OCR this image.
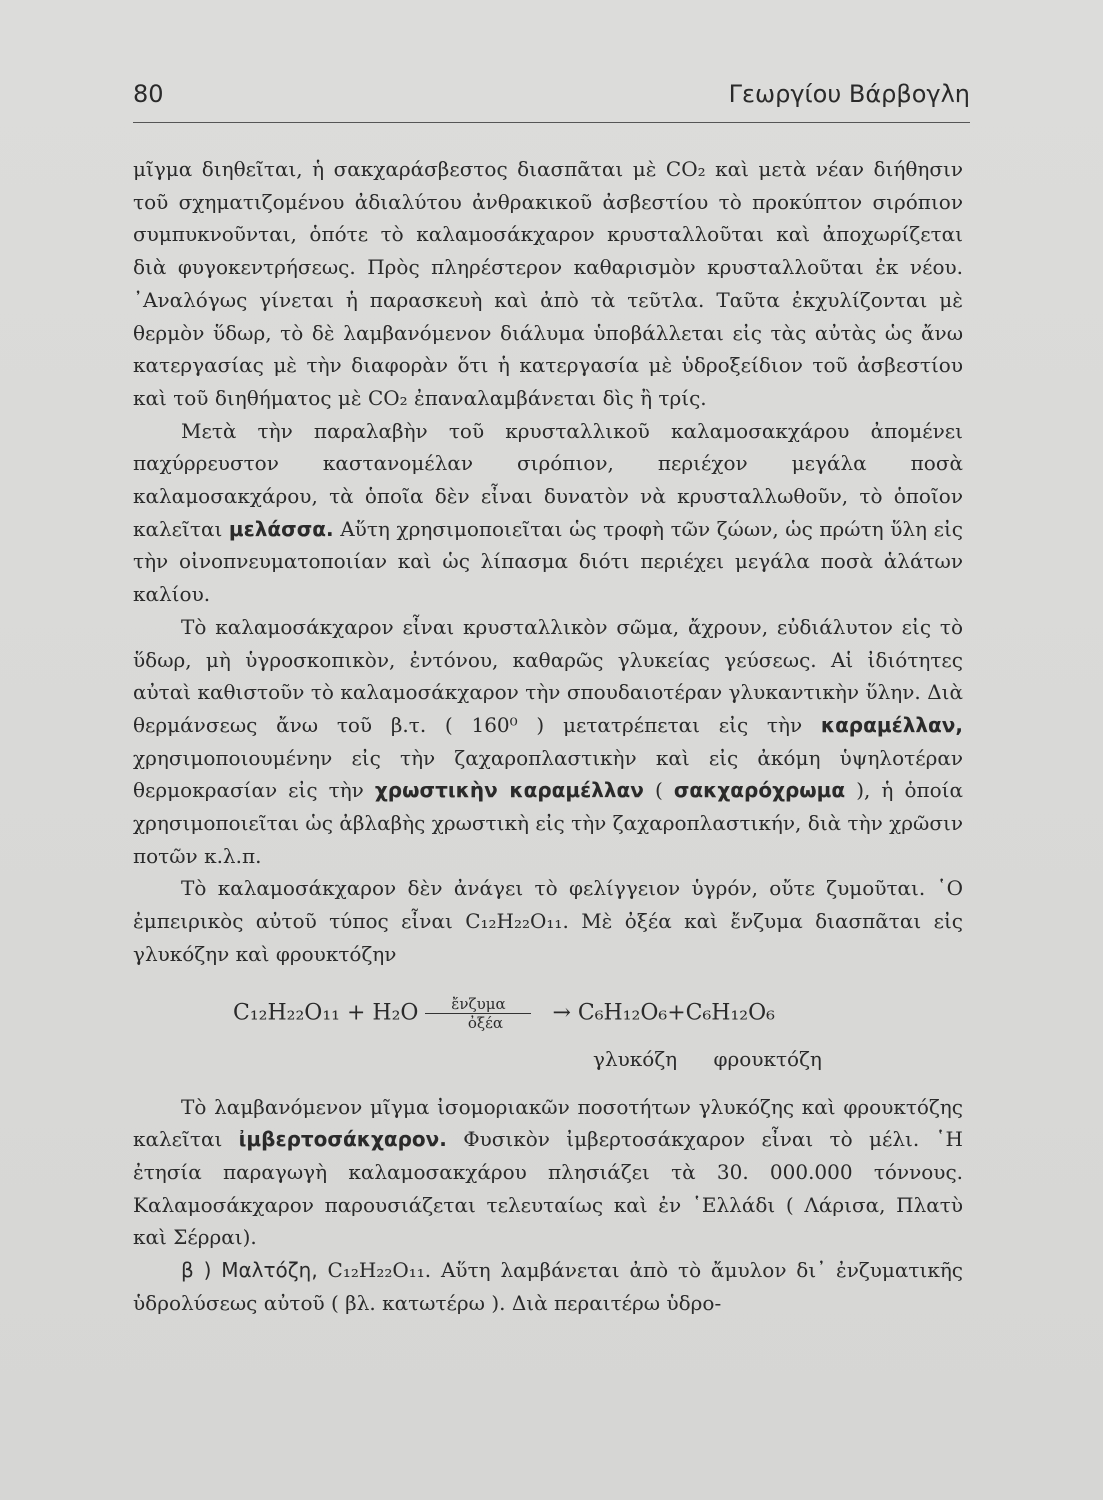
80	Γεωργίου Βάρβογλη

μῖγμα διηθεῖται, ἡ σακχαράσβεστος διασπᾶται μὲ CO₂ καὶ μετὰ νέαν διήθησιν τοῦ σχηματιζομένου ἀδιαλύτου ἀνθρακικοῦ ἀσβεστίου τὸ προκύπτον σιρόπιον συμπυκνοῦνται, ὁπότε τὸ καλαμοσάκχαρον κρυσταλλοῦται καὶ ἀποχωρίζεται διὰ φυγοκεντρήσεως. Πρὸς πληρέστερον καθαρισμὸν κρυσταλλοῦται ἐκ νέου. ᾿Αναλόγως γίνεται ἡ παρασκευὴ καὶ ἀπὸ τὰ τεῦτλα. Ταῦτα ἐκχυλίζονται μὲ θερμὸν ὕδωρ, τὸ δὲ λαμβανόμενον διάλυμα ὑποβάλλεται εἰς τὰς αὐτὰς ὡς ἄνω κατεργασίας μὲ τὴν διαφορὰν ὅτι ἡ κατεργασία μὲ ὑδροξείδιον τοῦ ἀσβεστίου καὶ τοῦ διηθήματος μὲ CO₂ ἐπαναλαμβάνεται δὶς ἢ τρίς.

Μετὰ τὴν παραλαβὴν τοῦ κρυσταλλικοῦ καλαμοσακχάρου ἀπομένει παχύρρευστον καστανομέλαν σιρόπιον, περιέχον μεγάλα ποσὰ καλαμοσακχάρου, τὰ ὁποῖα δὲν εἶναι δυνατὸν νὰ κρυσταλλωθοῦν, τὸ ὁποῖον καλεῖται μελάσσα. Αὕτη χρησιμοποιεῖται ὡς τροφὴ τῶν ζώων, ὡς πρώτη ὕλη εἰς τὴν οἰνοπνευματοποιίαν καὶ ὡς λίπασμα διότι περιέχει μεγάλα ποσὰ ἁλάτων καλίου.

Τὸ καλαμοσάκχαρον εἶναι κρυσταλλικὸν σῶμα, ἄχρουν, εὐδιάλυτον εἰς τὸ ὕδωρ, μὴ ὑγροσκοπικὸν, ἐντόνου, καθαρῶς γλυκείας γεύσεως. Αἱ ἰδιότητες αὐταὶ καθιστοῦν τὸ καλαμοσάκχαρον τὴν σπουδαιοτέραν γλυκαντικὴν ὕλην. Διὰ θερμάνσεως ἄνω τοῦ β.τ. ( 160⁰ ) μετατρέπεται εἰς τὴν καραμέλλαν, χρησιμοποιουμένην εἰς τὴν ζαχαροπλαστικὴν καὶ εἰς ἀκόμη ὑψηλοτέραν θερμοκρασίαν εἰς τὴν χρωστικὴν καραμέλλαν ( σακχαρόχρωμα ), ἡ ὁποία χρησιμοποιεῖται ὡς ἀβλαβὴς χρωστικὴ εἰς τὴν ζαχαροπλαστικήν, διὰ τὴν χρῶσιν ποτῶν κ.λ.π.

Τὸ καλαμοσάκχαρον δὲν ἀνάγει τὸ φελίγγειον ὑγρόν, οὔτε ζυμοῦται. ῾Ο ἐμπειρικὸς αὐτοῦ τύπος εἶναι C₁₂H₂₂O₁₁. Μὲ ὀξέα καὶ ἔνζυμα διασπᾶται εἰς γλυκόζην καὶ φρουκτόζην

C₁₂H₂₂O₁₁ + H₂O	ἔνζυμα
ὀξέα	→ C₆H₁₂O₆+C₆H₁₂O₆
γλυκόζη φρουκτόζη

Τὸ λαμβανόμενον μῖγμα ἰσομοριακῶν ποσοτήτων γλυκόζης καὶ φρουκτόζης καλεῖται ἰμβερτοσάκχαρον. Φυσικὸν ἰμβερτοσάκχαρον εἶναι τὸ μέλι. ῾Η ἐτησία παραγωγὴ καλαμοσακχάρου πλησιάζει τὰ 30. 000.000 τόννους. Καλαμοσάκχαρον παρουσιάζεται τελευταίως καὶ ἐν ῾Ελλάδι ( Λάρισα, Πλατὺ καὶ Σέρραι).

β ) Μαλτόζη, C₁₂H₂₂O₁₁. Αὕτη λαμβάνεται ἀπὸ τὸ ἄμυλον δι᾿ ἐνζυματικῆς ὑδρολύσεως αὐτοῦ ( βλ. κατωτέρω ). Διὰ περαιτέρω ὑδρο-
